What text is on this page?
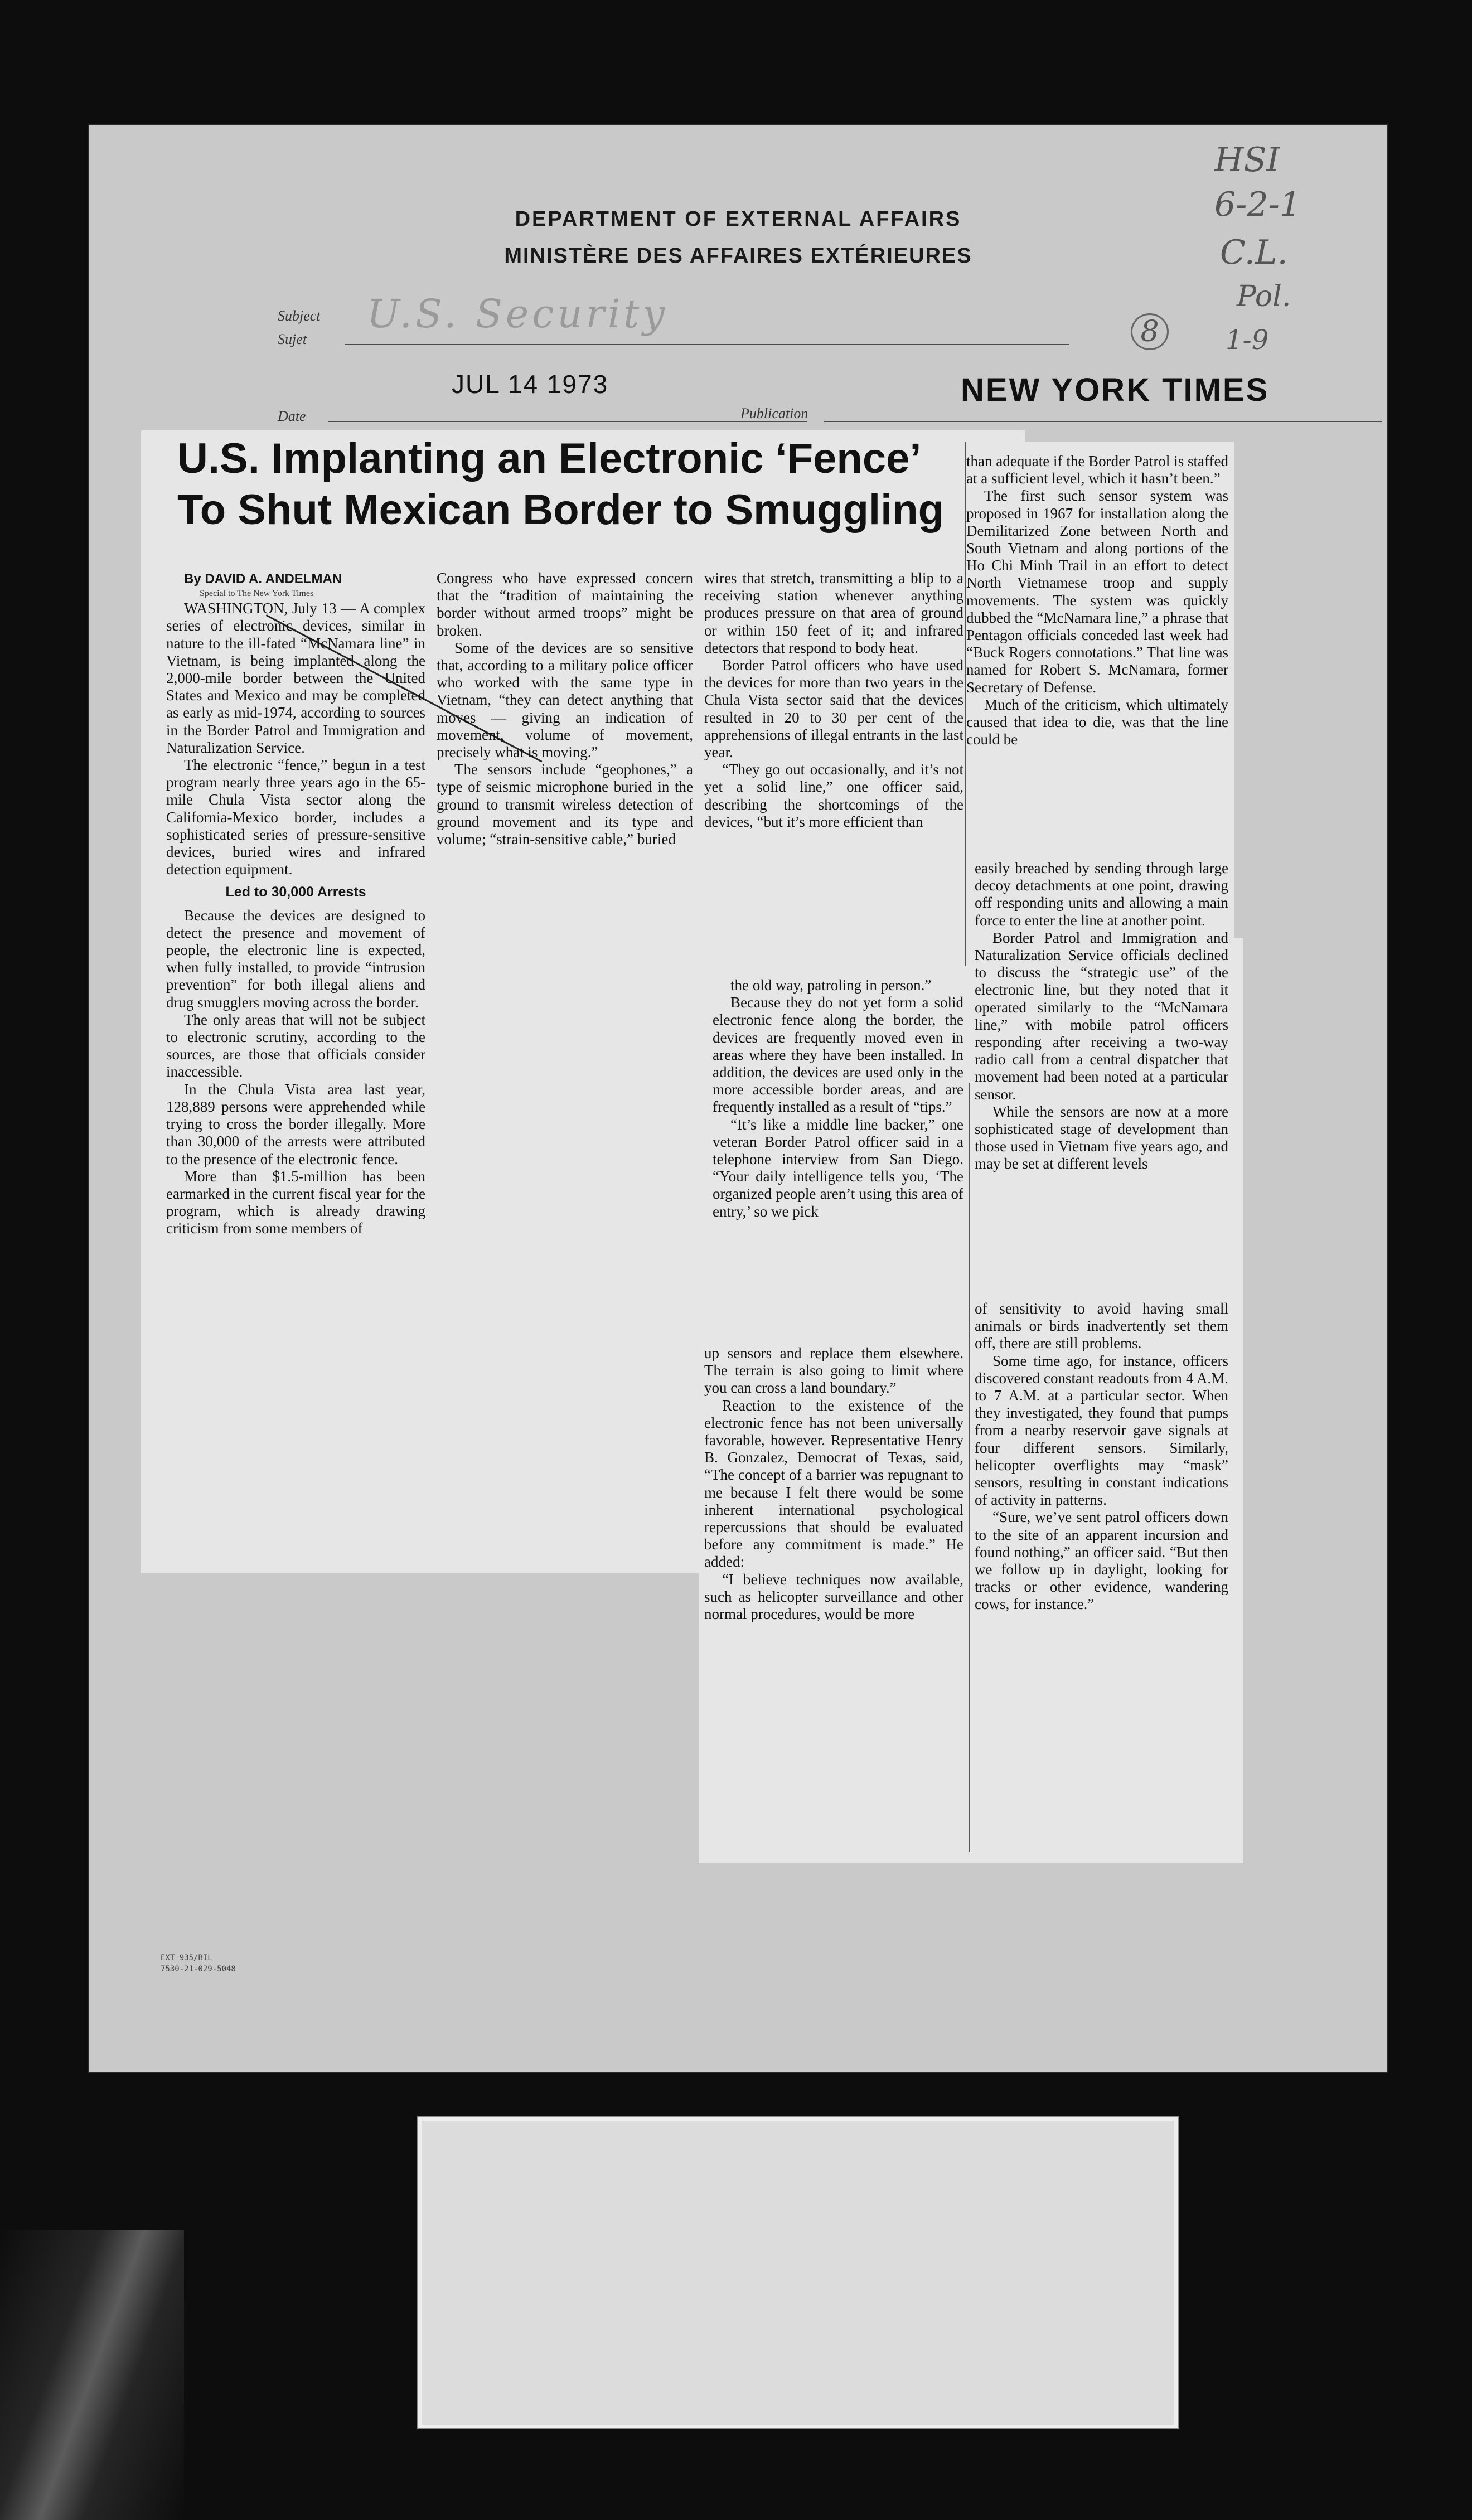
DEPARTMENT OF EXTERNAL AFFAIRS
MINISTÈRE DES AFFAIRES EXTÉRIEURES
HSI
6-2-1
C.L.
Pol.
8	1-9
Subject
Sujet
U.S. Security
JUL 14 1973
Date	Publication
NEW YORK TIMES
U.S. Implanting an Electronic ‘Fence’
To Shut Mexican Border to Smuggling
By DAVID A. ANDELMAN
Special to The New York Times

WASHINGTON, July 13 — A complex series of electronic devices, similar in nature to the ill-fated “McNamara line” in Vietnam, is being implanted along the 2,000-mile border between the United States and Mexico and may be completed as early as mid-1974, according to sources in the Border Patrol and Immigration and Naturalization Service.

The electronic “fence,” begun in a test program nearly three years ago in the 65-mile Chula Vista sector along the California-Mexico border, includes a sophisticated series of pressure-sensitive devices, buried wires and infrared detection equipment.

Led to 30,000 Arrests

Because the devices are designed to detect the presence and movement of people, the electronic line is expected, when fully installed, to provide “intrusion prevention” for both illegal aliens and drug smugglers moving across the border.

The only areas that will not be subject to electronic scrutiny, according to the sources, are those that officials consider inaccessible.

In the Chula Vista area last year, 128,889 persons were apprehended while trying to cross the border illegally. More than 30,000 of the arrests were attributed to the presence of the electronic fence.

More than $1.5-million has been earmarked in the current fiscal year for the program, which is already drawing criticism from some members of

Congress who have expressed concern that the “tradition of maintaining the border without armed troops” might be broken.

Some of the devices are so sensitive that, according to a military police officer who worked with the same type in Vietnam, “they can detect anything that moves — giving an indication of movement, volume of movement, precisely what is moving.”

The sensors include “geophones,” a type of seismic microphone buried in the ground to transmit wireless detection of ground movement and its type and volume; “strain-sensitive cable,” buried

wires that stretch, transmitting a blip to a receiving station whenever anything produces pressure on that area of ground or within 150 feet of it; and infrared detectors that respond to body heat.

Border Patrol officers who have used the devices for more than two years in the Chula Vista sector said that the devices resulted in 20 to 30 per cent of the apprehensions of illegal entrants in the last year.

“They go out occasionally, and it’s not yet a solid line,” one officer said, describing the shortcomings of the devices, “but it’s more efficient than

the old way, patroling in person.”

Because they do not yet form a solid electronic fence along the border, the devices are frequently moved even in areas where they have been installed. In addition, the devices are used only in the more accessible border areas, and are frequently installed as a result of “tips.”

“It’s like a middle line backer,” one veteran Border Patrol officer said in a telephone interview from San Diego. “Your daily intelligence tells you, ‘The organized people aren’t using this area of entry,’ so we pick

up sensors and replace them elsewhere. The terrain is also going to limit where you can cross a land boundary.”

Reaction to the existence of the electronic fence has not been universally favorable, however. Representative Henry B. Gonzalez, Democrat of Texas, said, “The concept of a barrier was repugnant to me because I felt there would be some inherent international psychological repercussions that should be evaluated before any commitment is made.” He added:

“I believe techniques now available, such as helicopter surveillance and other normal procedures, would be more

than adequate if the Border Patrol is staffed at a sufficient level, which it hasn’t been.”

The first such sensor system was proposed in 1967 for installation along the Demilitarized Zone between North and South Vietnam and along portions of the Ho Chi Minh Trail in an effort to detect North Vietnamese troop and supply movements. The system was quickly dubbed the “McNamara line,” a phrase that Pentagon officials conceded last week had “Buck Rogers connotations.” That line was named for Robert S. McNamara, former Secretary of Defense.

Much of the criticism, which ultimately caused that idea to die, was that the line could be

easily breached by sending through large decoy detachments at one point, drawing off responding units and allowing a main force to enter the line at another point.

Border Patrol and Immigration and Naturalization Service officials declined to discuss the “strategic use” of the electronic line, but they noted that it operated similarly to the “McNamara line,” with mobile patrol officers responding after receiving a two-way radio call from a central dispatcher that movement had been noted at a particular sensor.

While the sensors are now at a more sophisticated stage of development than those used in Vietnam five years ago, and may be set at different levels

of sensitivity to avoid having small animals or birds inadvertently set them off, there are still problems.

Some time ago, for instance, officers discovered constant readouts from 4 A.M. to 7 A.M. at a particular sector. When they investigated, they found that pumps from a nearby reservoir gave signals at four different sensors. Similarly, helicopter overflights may “mask” sensors, resulting in constant indications of activity in patterns.

“Sure, we’ve sent patrol officers down to the site of an apparent incursion and found nothing,” an officer said. “But then we follow up in daylight, looking for tracks or other evidence, wandering cows, for instance.”

EXT 935/BIL
7530-21-029-5048
